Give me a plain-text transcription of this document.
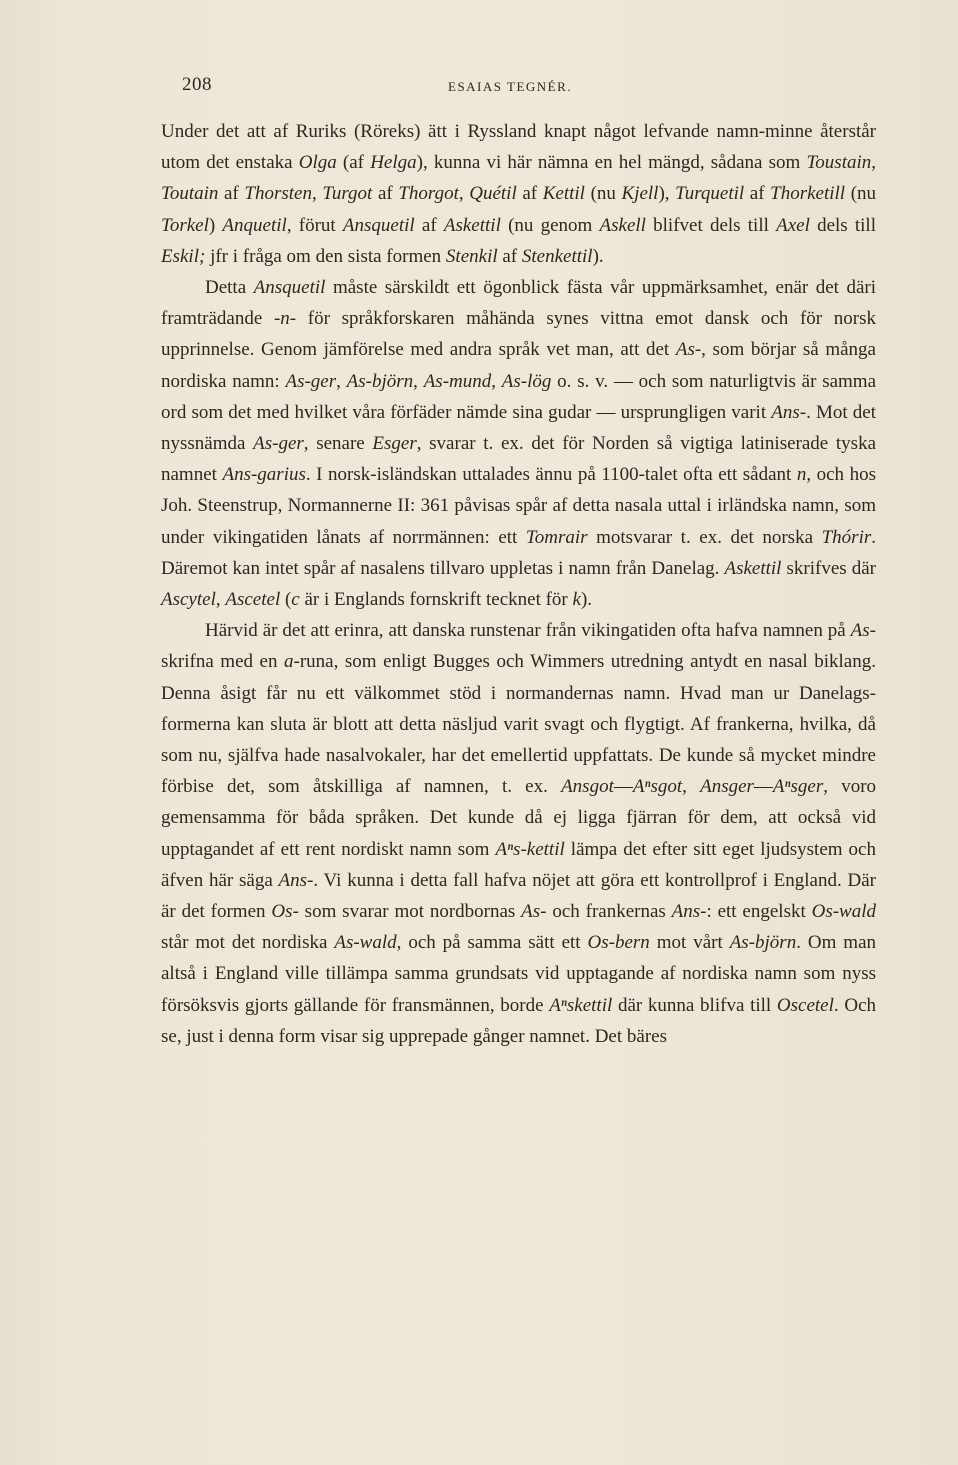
208	ESAIAS TEGNÉR.

Under det att af Ruriks (Röreks) ätt i Ryssland knapt något lefvande namn-minne återstår utom det enstaka Olga (af Helga), kunna vi här nämna en hel mängd, sådana som Toustain, Toutain af Thorsten, Turgot af Thorgot, Quétil af Kettil (nu Kjell), Turquetil af Thorketill (nu Torkel) Anquetil, förut Ansquetil af Askettil (nu genom Askell blifvet dels till Axel dels till Eskil; jfr i fråga om den sista formen Stenkil af Stenkettil).

Detta Ansquetil måste särskildt ett ögonblick fästa vår uppmärksamhet, enär det däri framträdande -n- för språkforskaren måhända synes vittna emot dansk och för norsk upprinnelse. Genom jämförelse med andra språk vet man, att det As-, som börjar så många nordiska namn: As-ger, As-björn, As-mund, As-lög o. s. v. — och som naturligtvis är samma ord som det med hvilket våra förfäder nämde sina gudar — ursprungligen varit Ans-. Mot det nyssnämda As-ger, senare Esger, svarar t. ex. det för Norden så vigtiga latiniserade tyska namnet Ans-garius. I norsk-isländskan uttalades ännu på 1100-talet ofta ett sådant n, och hos Joh. Steenstrup, Normannerne II: 361 påvisas spår af detta nasala uttal i irländska namn, som under vikingatiden lånats af norrmännen: ett Tomrair motsvarar t. ex. det norska Thórir. Däremot kan intet spår af nasalens tillvaro uppletas i namn från Danelag. Askettil skrifves där Ascytel, Ascetel (c är i Englands fornskrift tecknet för k).

Härvid är det att erinra, att danska runstenar från vikingatiden ofta hafva namnen på As- skrifna med en a-runa, som enligt Bugges och Wimmers utredning antydt en nasal biklang. Denna åsigt får nu ett välkommet stöd i normandernas namn. Hvad man ur Danelags-formerna kan sluta är blott att detta näsljud varit svagt och flygtigt. Af frankerna, hvilka, då som nu, själfva hade nasalvokaler, har det emellertid uppfattats. De kunde så mycket mindre förbise det, som åtskilliga af namnen, t. ex. Ansgot—Aⁿsgot, Ansger—Aⁿsger, voro gemensamma för båda språken. Det kunde då ej ligga fjärran för dem, att också vid upptagandet af ett rent nordiskt namn som Aⁿs-kettil lämpa det efter sitt eget ljudsystem och äfven här säga Ans-. Vi kunna i detta fall hafva nöjet att göra ett kontrollprof i England. Där är det formen Os- som svarar mot nordbornas As- och frankernas Ans-: ett engelskt Os-wald står mot det nordiska As-wald, och på samma sätt ett Os-bern mot vårt As-björn. Om man altså i England ville tillämpa samma grundsats vid upptagande af nordiska namn som nyss försöksvis gjorts gällande för fransmännen, borde Aⁿskettil där kunna blifva till Oscetel. Och se, just i denna form visar sig upprepade gånger namnet. Det bäres
